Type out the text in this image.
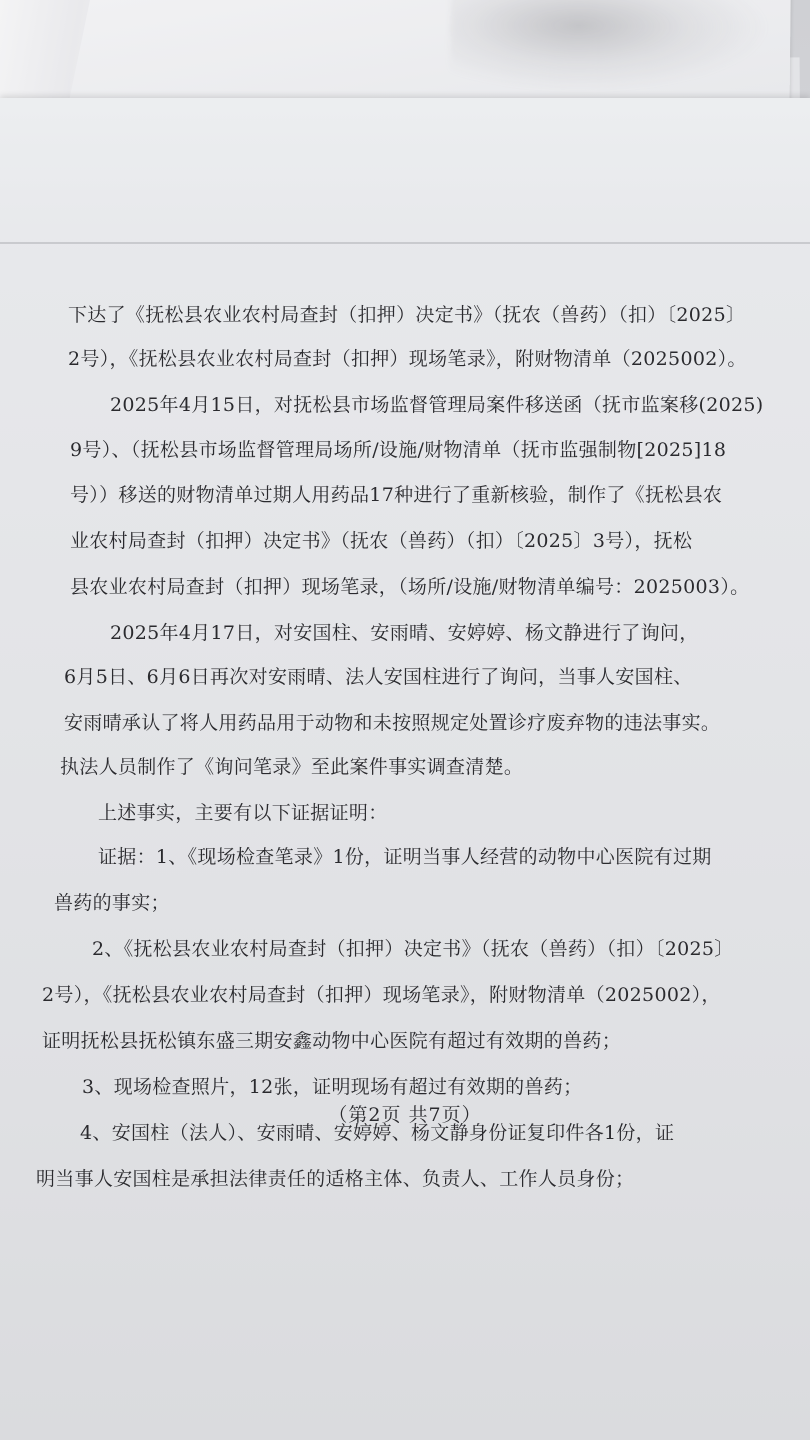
下达了《抚松县农业农村局查封（扣押）决定书》（抚农（兽药）（扣）〔2025〕
2号），《抚松县农业农村局查封（扣押）现场笔录》，附财物清单（2025002）。
2025年4月15日，对抚松县市场监督管理局案件移送函（抚市监案移(2025)
9号）、（抚松县市场监督管理局场所/设施/财物清单（抚市监强制物[2025]18
号））移送的财物清单过期人用药品17种进行了重新核验，制作了《抚松县农
业农村局查封（扣押）决定书》（抚农（兽药）（扣）〔2025〕3号），抚松
县农业农村局查封（扣押）现场笔录，（场所/设施/财物清单编号：2025003）。
2025年4月17日，对安国柱、安雨晴、安婷婷、杨文静进行了询问，
6月5日、6月6日再次对安雨晴、法人安国柱进行了询问，当事人安国柱、
安雨晴承认了将人用药品用于动物和未按照规定处置诊疗废弃物的违法事实。
执法人员制作了《询问笔录》至此案件事实调查清楚。
上述事实，主要有以下证据证明：
证据：1、《现场检查笔录》1份，证明当事人经营的动物中心医院有过期
兽药的事实；
2、《抚松县农业农村局查封（扣押）决定书》（抚农（兽药）（扣）〔2025〕
2号），《抚松县农业农村局查封（扣押）现场笔录》，附财物清单（2025002），
证明抚松县抚松镇东盛三期安鑫动物中心医院有超过有效期的兽药；
3、现场检查照片，12张，证明现场有超过有效期的兽药；
4、安国柱（法人）、安雨晴、安婷婷、杨文静身份证复印件各1份，证
明当事人安国柱是承担法律责任的适格主体、负责人、工作人员身份；
（第2页 共7页）
